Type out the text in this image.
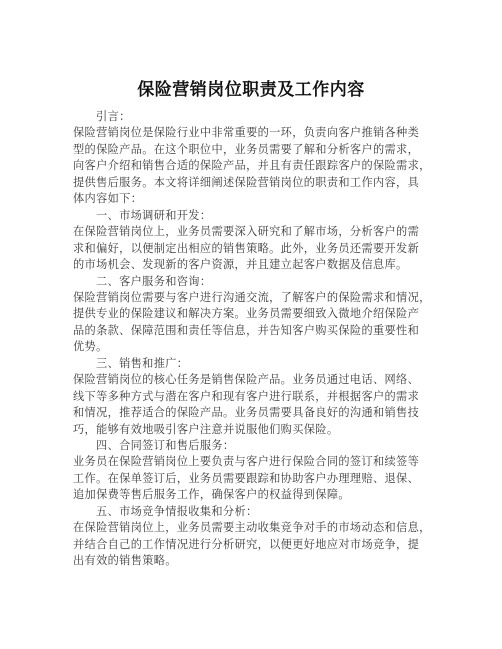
保险营销岗位职责及工作内容
引言：
保险营销岗位是保险行业中非常重要的一环，负责向客户推销各种类
型的保险产品。在这个职位中，业务员需要了解和分析客户的需求，
向客户介绍和销售合适的保险产品，并且有责任跟踪客户的保险需求，
提供售后服务。本文将详细阐述保险营销岗位的职责和工作内容，具
体内容如下：
一、市场调研和开发：
在保险营销岗位上，业务员需要深入研究和了解市场，分析客户的需
求和偏好，以便制定出相应的销售策略。此外，业务员还需要开发新
的市场机会、发现新的客户资源，并且建立起客户数据及信息库。
二、客户服务和咨询：
保险营销岗位需要与客户进行沟通交流，了解客户的保险需求和情况，
提供专业的保险建议和解决方案。业务员需要细致入微地介绍保险产
品的条款、保障范围和责任等信息，并告知客户购买保险的重要性和
优势。
三、销售和推广：
保险营销岗位的核心任务是销售保险产品。业务员通过电话、网络、
线下等多种方式与潜在客户和现有客户进行联系，并根据客户的需求
和情况，推荐适合的保险产品。业务员需要具备良好的沟通和销售技
巧，能够有效地吸引客户注意并说服他们购买保险。
四、合同签订和售后服务：
业务员在保险营销岗位上要负责与客户进行保险合同的签订和续签等
工作。在保单签订后，业务员需要跟踪和协助客户办理理赔、退保、
追加保费等售后服务工作，确保客户的权益得到保障。
五、市场竞争情报收集和分析：
在保险营销岗位上，业务员需要主动收集竞争对手的市场动态和信息，
并结合自己的工作情况进行分析研究，以便更好地应对市场竞争，提
出有效的销售策略。
